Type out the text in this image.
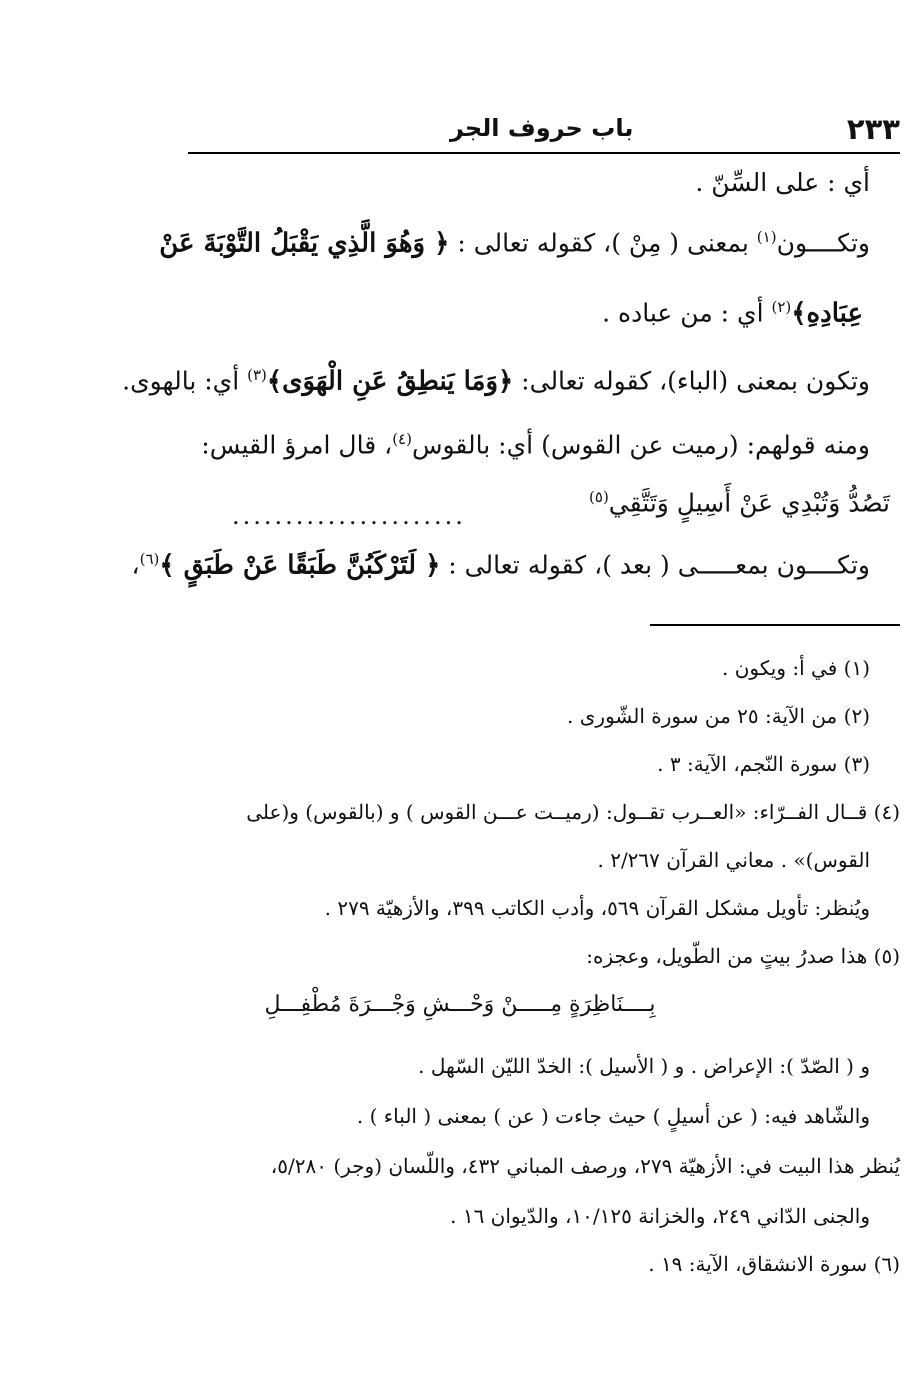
٢٣٣
باب حروف الجر
أي : على السِّنّ .
وتكــــون$^{(١)}$ بمعنى ( مِنْ )، كقوله تعالى : ﴿ وَهُوَ الَّذِي يَقْبَلُ التَّوْبَةَ عَنْ
عِبَادِهِ﴾$^{(٢)}$ أي : من عباده .
وتكون بمعنى (الباء)، كقوله تعالى: ﴿وَمَا يَنطِقُ عَنِ الْهَوَى﴾$^{(٣)}$ أي: بالهوى.
ومنه قولهم: (رميت عن القوس) أي: بالقوس$^{(٤)}$، قال امرؤ القيس:
تَصُدُّ وَتُبْدِي عَنْ أَسِيلٍ وَتَتَّقِي$^{(٥)}$
......................
وتكــــون بمعـــــى ( بعد )، كقوله تعالى : ﴿ لَتَرْكَبُنَّ طَبَقًا عَنْ طَبَقٍ ﴾$^{(٦)}$،
(١) في أ: ويكون .
(٢) من الآية: ٢٥ من سورة الشّورى .
(٣) سورة النّجم، الآية: ٣ .
(٤) قــال الفــرّاء: «العــرب تقــول: (رميــت عـــن القوس ) و (بالقوس) و(على
القوس)» . معاني القرآن ٢/٢٦٧ .
ويُنظر: تأويل مشكل القرآن ٥٦٩، وأدب الكاتب ٣٩٩، والأزهيّة ٢٧٩ .
(٥) هذا صدرُ بيتٍ من الطّويل، وعجزه:
بِــــنَاظِرَةٍ مِـــــنْ وَحْـــشِ وَجْـــرَةَ مُطْفِـــلِ
و ( الصّدّ ): الإعراض . و ( الأسيل ): الخدّ الليّن السّهل .
والشّاهد فيه: ( عن أسيلٍ ) حيث جاءت ( عن ) بمعنى ( الباء ) .
يُنظر هذا البيت في: الأزهيّة ٢٧٩، ورصف المباني ٤٣٢، واللّسان (وجر) ٥/٢٨٠،
والجنى الدّاني ٢٤٩، والخزانة ١٠/١٢٥، والدّيوان ١٦ .
(٦) سورة الانشقاق، الآية: ١٩ .
